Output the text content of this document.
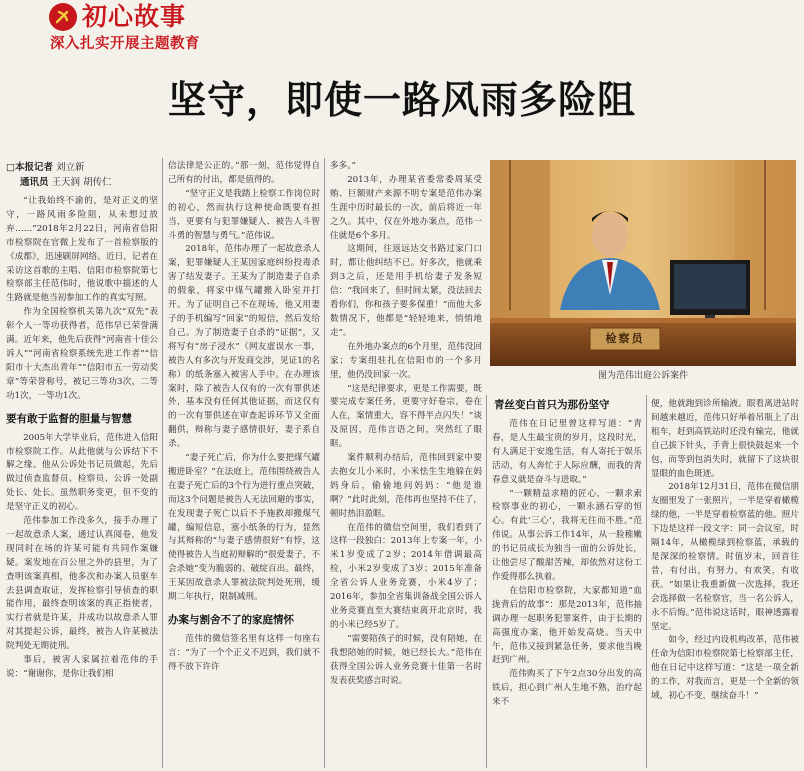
初心故事
深入扎实开展主题教育
坚守，即使一路风雨多险阻
□本报记者 刘立新
通讯员 王天润 胡传仁

“让我始终不渝的，是对正义的坚守，一路风雨多险阻，从未想过放弃……”2018年2月22日，河南省信阳市检察院在官微上发布了一首检察版的《成都》，迅速刷屏网络。近日，记者在采访这首歌的主唱、信阳市检察院第七检察部主任范伟时，他说歌中描述的人生路就是他当初参加工作的真实写照。

作为全国检察机关第九次“双先”表彰个人一等功获得者，范伟早已荣誉满满。近年来，他先后获得“河南省十佳公诉人”“河南省检察系统先进工作者”“信阳市十大杰出青年”“信阳市五一劳动奖章”等荣誉称号，被记三等功3次，二等功1次，一等功1次。

要有敢于监督的胆量与智慧

2005年大学毕业后，范伟进入信阳市检察院工作。从此他就与公诉结下不解之缘。他从公诉处书记员做起，先后做过侦查监督员、检察员、公诉一处副处长、处长。虽然职务变更，但不变的是坚守正义的初心。

范伟参加工作没多久，接手办理了一起故意杀人案，通过认真阅卷，他发现同时在场的许某可能有共同作案嫌疑。案发地在百公里之外的县里，为了查明该案真相，他多次和办案人员驱车去县调查取证，发挥检察引导侦查的职能作用，最终查明该案的真正指使者，实行者就是许某，并成功以故意杀人罪对其提起公诉，最终，被告人许某被法院判处无期徒刑。

事后，被害人家属拉着范伟的手说：“谢谢你，是你让我们相

信法律是公正的。”那一刻，范伟觉得自己所有的付出，都是值得的。

“坚守正义是我踏上检察工作岗位时的初心，然而执行这种使命既要有担当，更要有与犯罪嫌疑人、被告人斗智斗勇的智慧与勇气。”范伟说。

2018年，范伟办理了一起故意杀人案，犯罪嫌疑人王某因家庭纠纷投毒杀害了结发妻子。王某为了制造妻子自杀的假象，将家中煤气罐搬入卧室并打开。为了证明自己不在现场，他又用妻子的手机编写“回家”的短信，然后发给自己。为了制造妻子自杀的“证据”，又将写有“房子浸水”（网友虚误水一事，被告人有多次与开发商交涉，见证1的名称）的纸条塞入被害人手中。在办理该案时，除了被告人仅有的一次有罪供述外，基本没有任何其他证据，而这仅有的一次有罪供述在审查起诉环节又全面翻供，辩称与妻子感情很好，妻子系自杀。

“妻子死亡后，你为什么要把煤气罐搬进卧室？”在法庭上，范伟围绕被告人在妻子死亡后的3个行为进行重点突破，而这3个问题是被告人无法回避的事实，在发现妻子死亡以后不予施救却搬煤气罐，编短信息，塞小纸条的行为，显然与其辩称的“与妻子感情很好”有悖，这使得被告人当庭初辩解的“很爱妻子，不会杀她”变为脆弱的、破绽百出。最终，王某因故意杀人罪被法院判处死刑，缓期二年执行，限制减刑。

办案与割舍不了的家庭情怀

范伟的微信签名里有这样一句座右言：“为了一个个正义不迟到，我们就不得不放下许许

多多。”

2013年，办理某省委常委周某受贿、巨额财产来源不明专案是范伟办案生涯中历时最长的一次，前后将近一年之久。其中，仅在外地办案点，范伟一住就是6个多月。

这期间，往返远达交书路过家门口时，都让他纠结不已。好多次，他就乘到3之后，还是用手机给妻子发条短信：“我回来了，但时间太紧，没法回去看你们，你和孩子要多保重！”而他大多数情况下，他都是“轻轻地来，悄悄地走”。

在外地办案点的6个月里，范伟没回家；专案组驻扎在信阳市的一个多月里，他仍没回家一次。

“这是纪律要求，更是工作需要，既要完成专案任务，更要守好卷宗，卷在人在，案情重大，容不得半点闪失！”谈及原因，范伟言语之间，突然红了眼眶。

案件顺利办结后，范伟回到家中要去抱女儿小米时，小米怯生生地躲在妈妈身后，偷偷地问妈妈：“他是谁啊？”此时此刻，范伟再也坚持不住了，顿时热泪盈眶。

在范伟的微信空间里，我们看到了这样一段独白：2013年上专案一年，小米1岁变成了2岁；2014年借调最高检，小米2岁变成了3岁；2015年准备全省公诉人业务竞赛，小米4岁了；2016年，参加全省集训备战全国公诉人业务竞赛直至大赛结束离开北京时，我的小米已经5岁了。

“需要陪孩子的时候，没有陪她，在我想陪她的时候，她已经长大。”范伟在获得全国公诉人业务竞赛十佳第一名时发表获奖感言时说。

检察员
图为范伟出庭公诉案件
青丝变白首只为那份坚守

范伟在日记里曾这样写道：“青春，是人生最宝贵的岁月，这段时光，有人满足于安逸生活，有人寄托于娱乐活动，有人奔忙于人际应酬，而我的青春意义就是奋斗与进取。”

“一颗精益求精的匠心，一颗求索检察事业的初心，一颗永涵石穿的恒心。有此‘三心’，我将无往而不胜。”范伟说。从事公诉工作14年，从一脸稚嫩的书记员成长为独当一面的公诉处长，让他尝尽了酸甜苦辣，却依然对这份工作爱得那么执着。

在信阳市检察院，大家都知道“血拢背后的故事”：那是2013年，范伟抽调办理一起职务犯罪案件，由于长期的高强度办案，他开始发高烧。当天中午，范伟又接到紧急任务，要求他当晚赶到广州。

范伟购买了下午2点30分出发的高铁后，担心到广州人生地不熟，治疗起来不

便，他就跑到诊所输液。眼看离进站时间越来越近，范伟只好举着吊瓶上了出租车，赶到高铁站时还没有输完，他就自己拔下针头，手背上很快鼓起来一个包，而等到包消失时，就留下了这块很显眼的血色斑迹。

2018年12月31日，范伟在微信朋友圈里发了一张照片，一半是穿着橄榄绿的他，一半是穿着检察蓝的他。照片下边是这样一段文字：同一会议室，时隔14年，从橄榄绿到检察蓝，承载的是深深的检察情。时值岁末，回首往昔，有付出，有努力，有欢笑，有收获。“如果让我重新做一次选择，我还会选择做一名检察官，当一名公诉人，永不后悔。”范伟说这话时，眼神透露着坚定。

如今，经过内设机构改革，范伟被任命为信阳市检察院第七检察部主任，他在日记中这样写道：“这是一项全新的工作，对我而言，更是一个全新的领域，初心不变，继续奋斗！”
